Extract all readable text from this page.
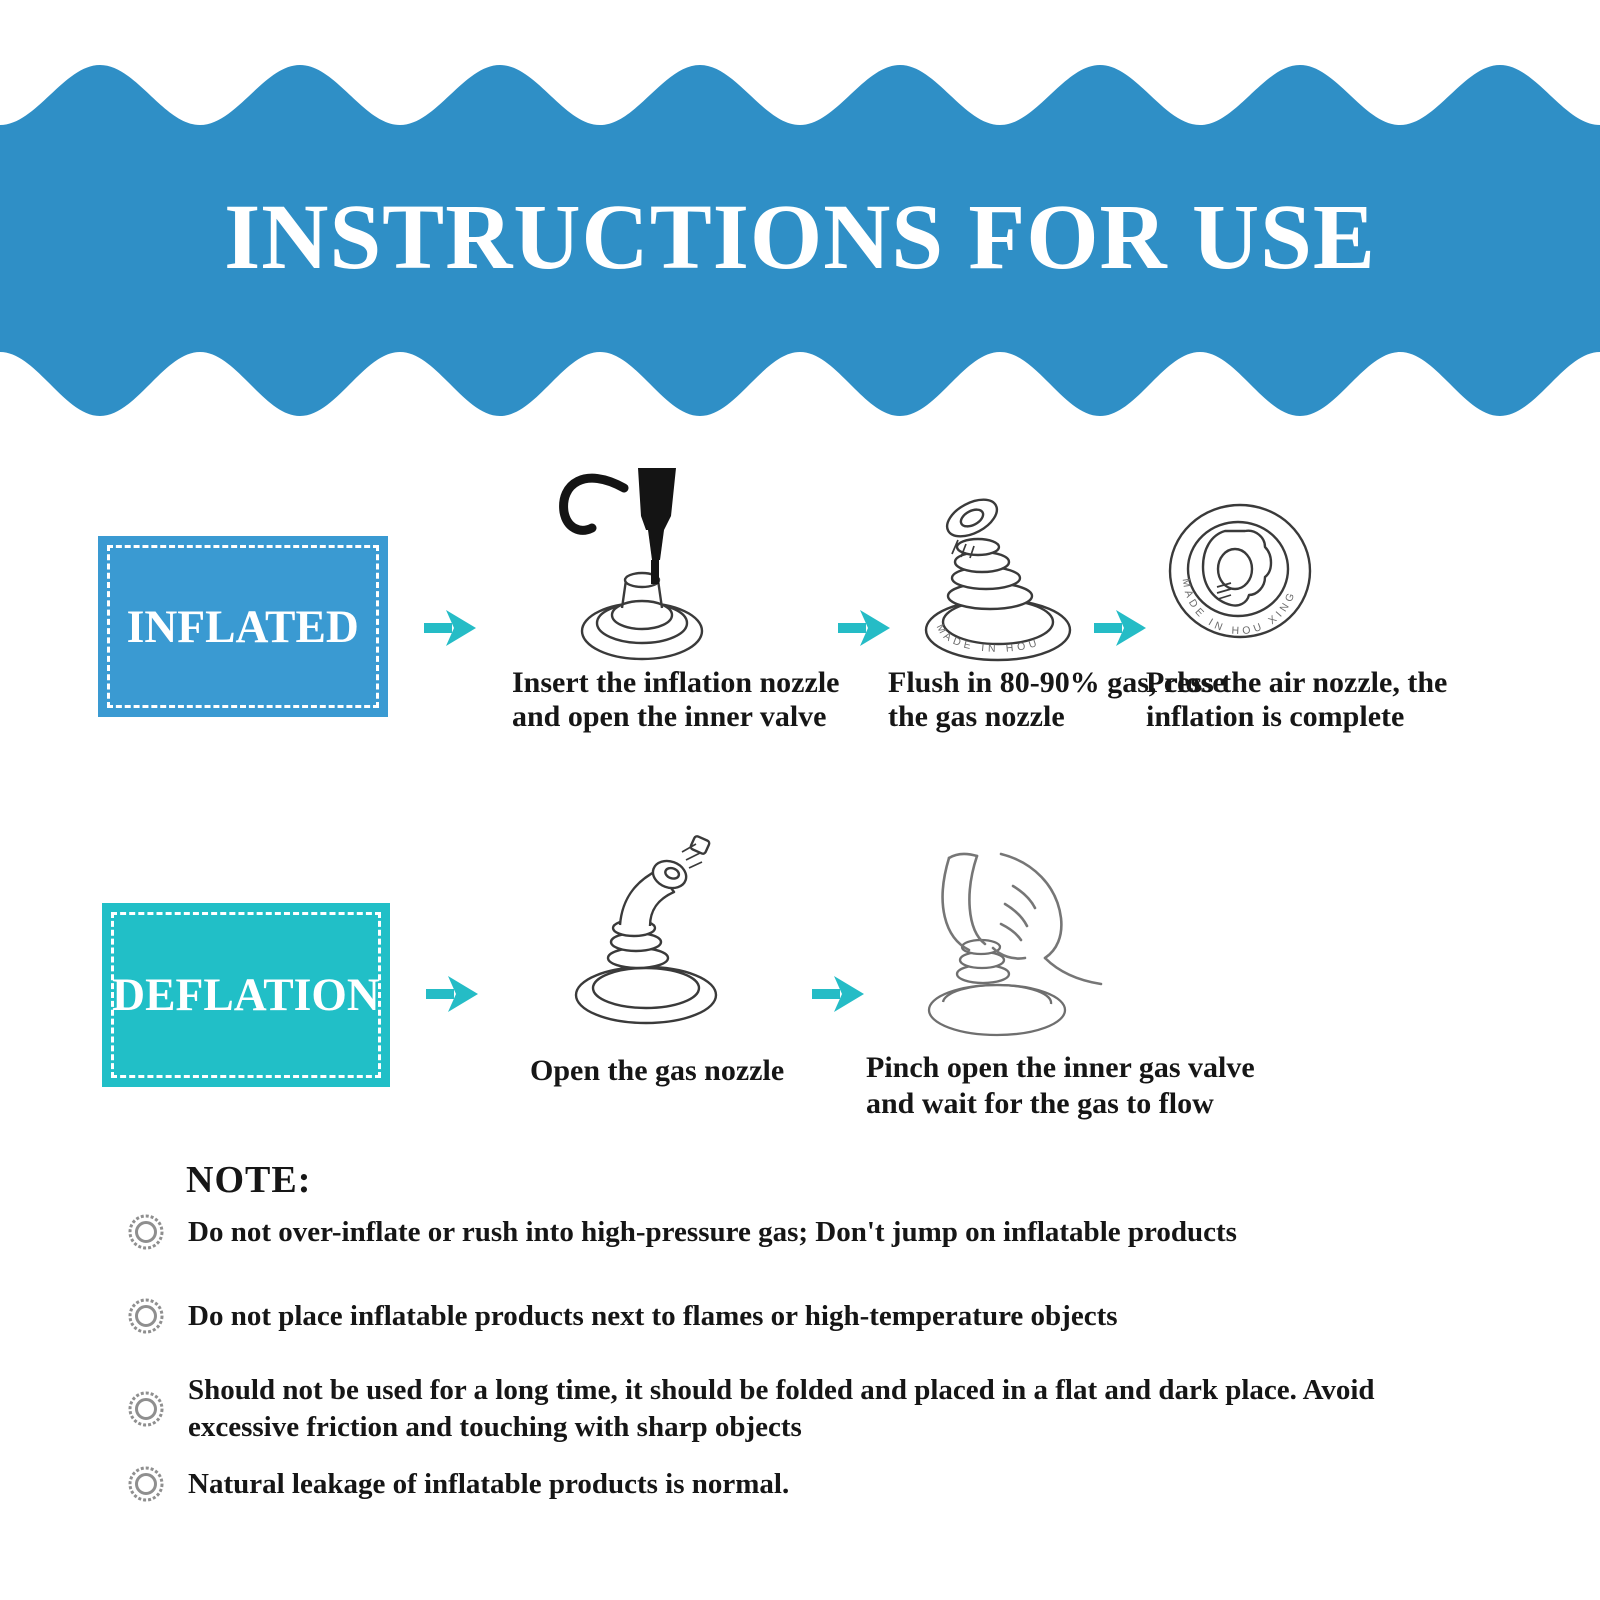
INSTRUCTIONS FOR USE
INFLATED
Insert the inflation nozzle
and open the inner valve
MADE IN HOU
Flush in 80-90% gas, close
the gas nozzle
MADE IN HOU XING
Press the air nozzle, the
inflation is complete
DEFLATION
Open the gas nozzle	Pinch open the inner gas valve
and wait for the gas to flow
NOTE:
Do not over-inflate or rush into high-pressure gas; Don't jump on inflatable products
Do not place inflatable products next to flames or high-temperature objects
Should not be used for a long time, it should be folded and placed in a flat and dark place. Avoid excessive friction and touching with sharp objects
Natural leakage of inflatable products is normal.
